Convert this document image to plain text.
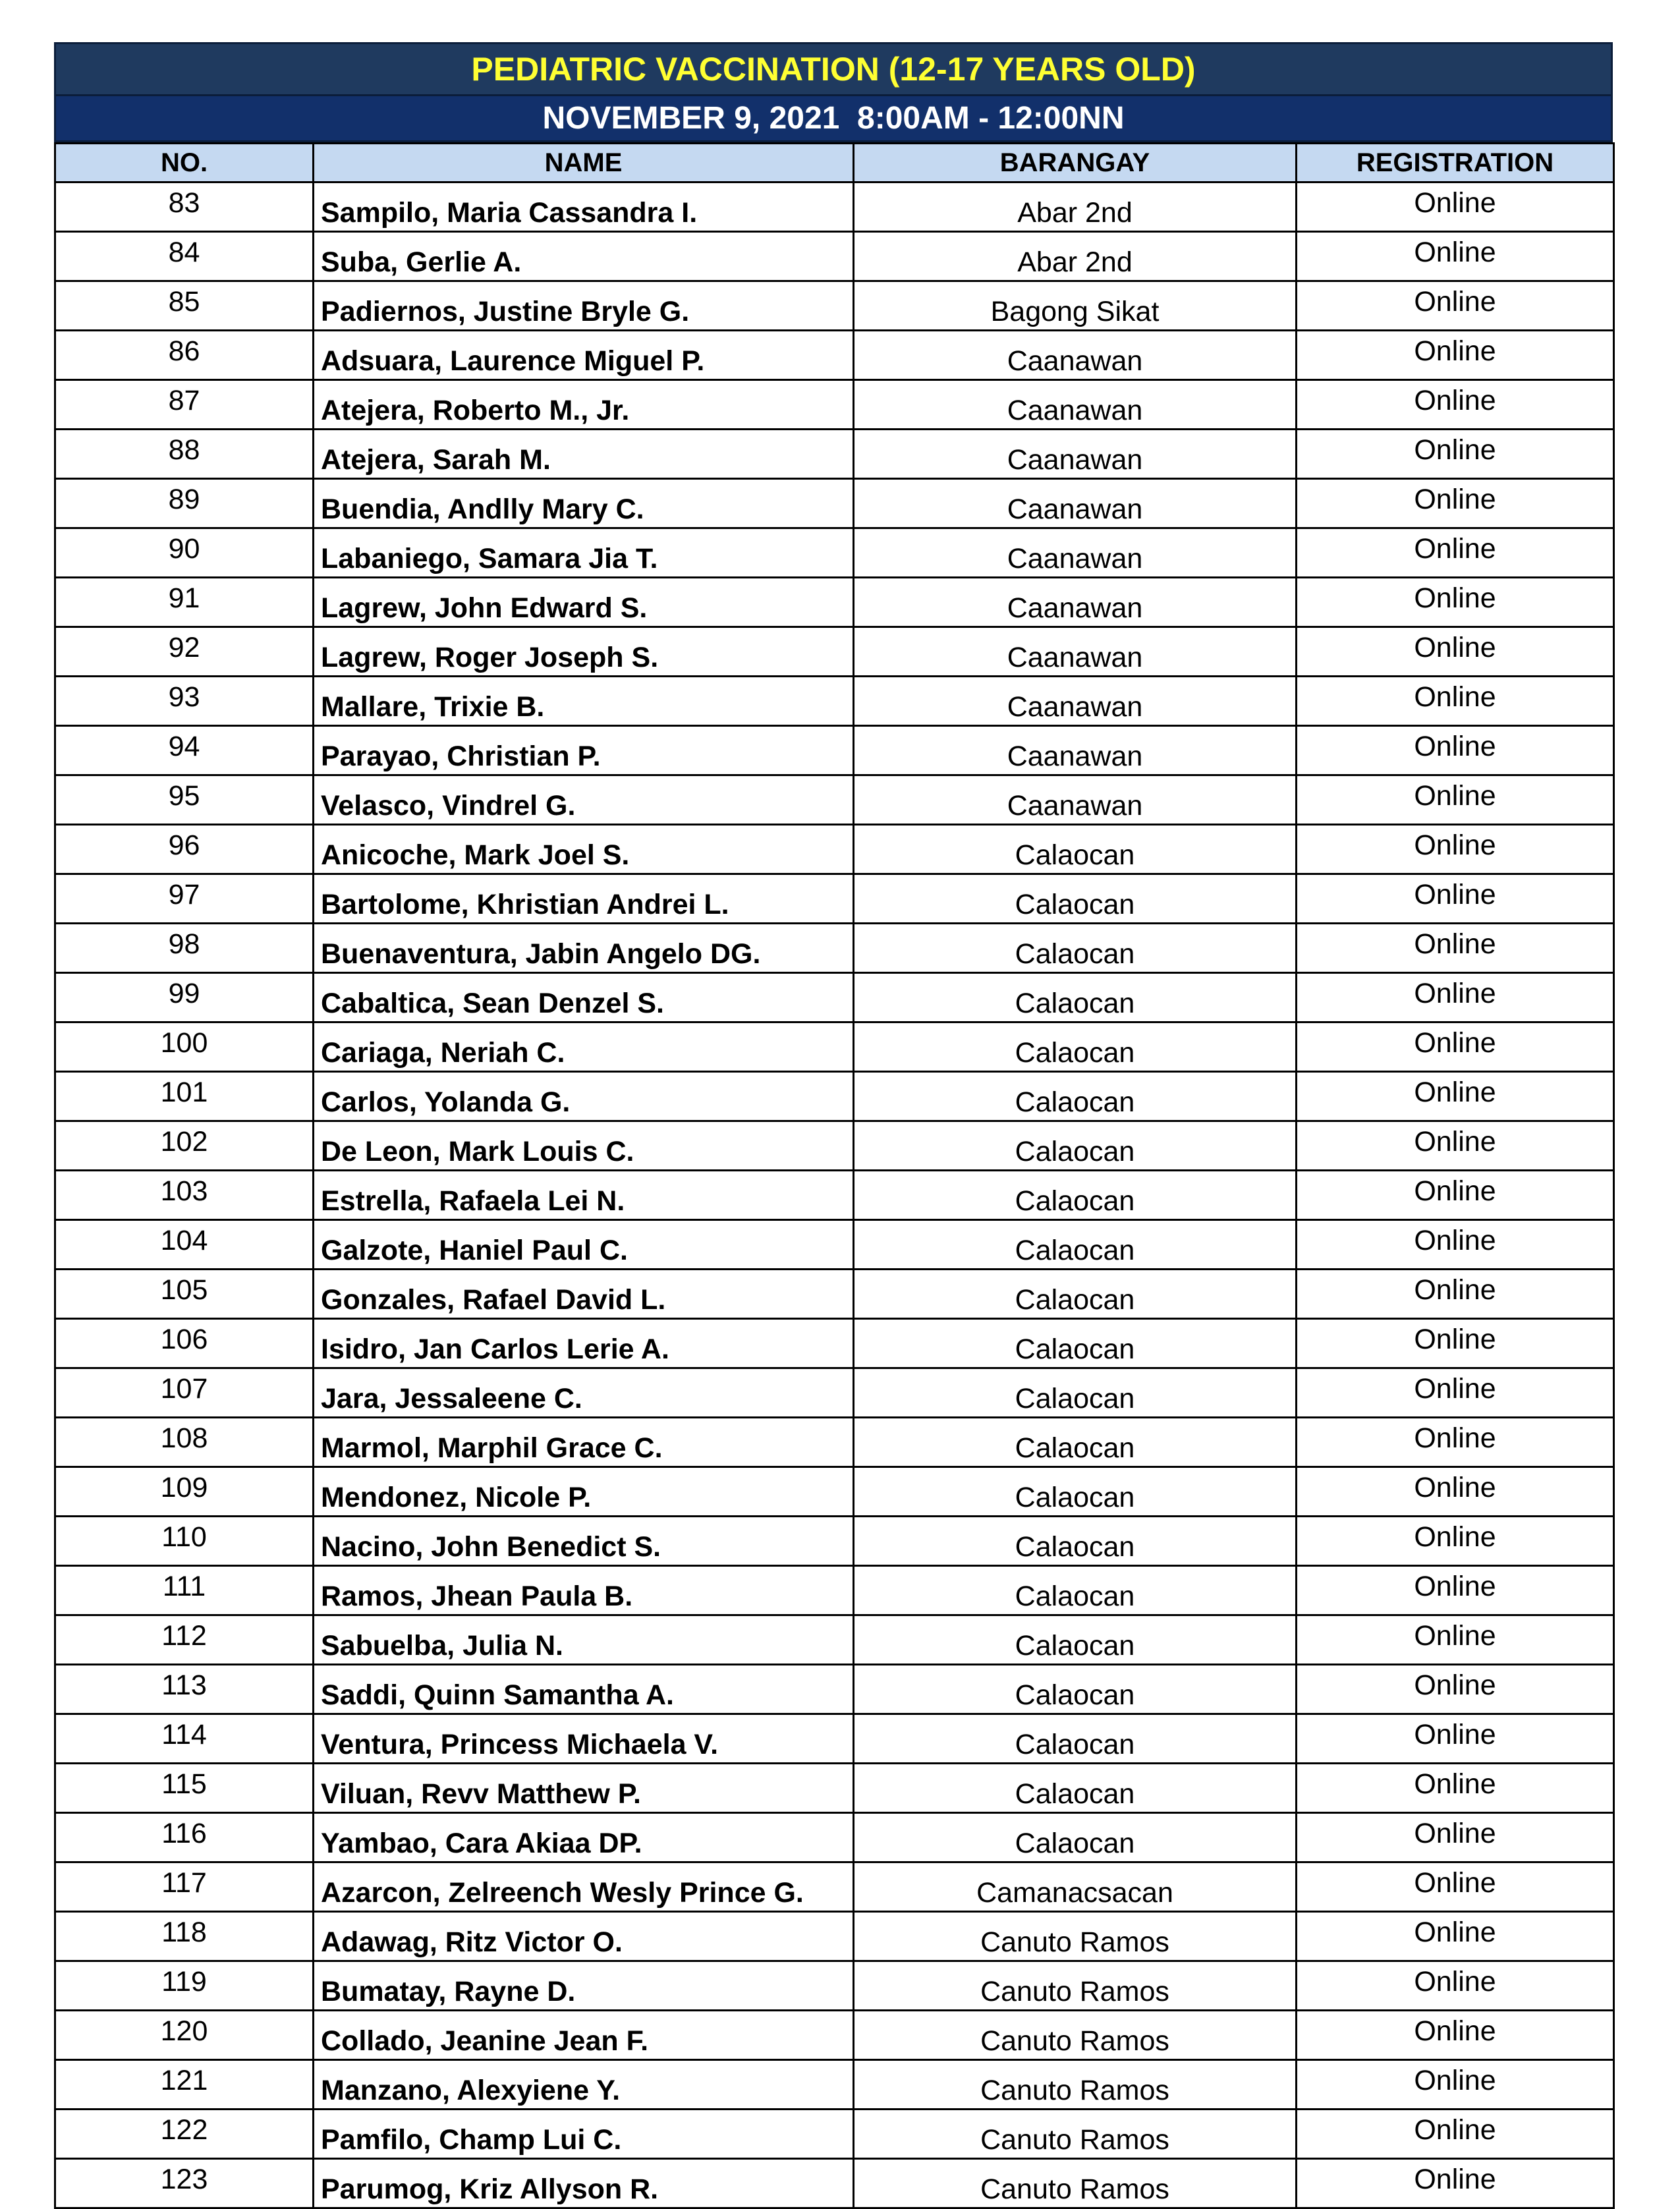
PEDIATRIC VACCINATION (12-17 YEARS OLD)
NOVEMBER 9, 2021  8:00AM - 12:00NN
NO.	NAME	BARANGAY	REGISTRATION
83	Sampilo, Maria Cassandra I.	Abar 2nd	Online
84	Suba, Gerlie A.	Abar 2nd	Online
85	Padiernos, Justine Bryle G.	Bagong Sikat	Online
86	Adsuara, Laurence Miguel P.	Caanawan	Online
87	Atejera, Roberto M., Jr.	Caanawan	Online
88	Atejera, Sarah M.	Caanawan	Online
89	Buendia, Andlly Mary C.	Caanawan	Online
90	Labaniego, Samara Jia T.	Caanawan	Online
91	Lagrew, John Edward S.	Caanawan	Online
92	Lagrew, Roger Joseph S.	Caanawan	Online
93	Mallare, Trixie B.	Caanawan	Online
94	Parayao, Christian P.	Caanawan	Online
95	Velasco, Vindrel G.	Caanawan	Online
96	Anicoche, Mark Joel S.	Calaocan	Online
97	Bartolome, Khristian Andrei L.	Calaocan	Online
98	Buenaventura, Jabin Angelo DG.	Calaocan	Online
99	Cabaltica, Sean Denzel S.	Calaocan	Online
100	Cariaga, Neriah C.	Calaocan	Online
101	Carlos, Yolanda G.	Calaocan	Online
102	De Leon, Mark Louis C.	Calaocan	Online
103	Estrella, Rafaela Lei N.	Calaocan	Online
104	Galzote, Haniel Paul C.	Calaocan	Online
105	Gonzales, Rafael David L.	Calaocan	Online
106	Isidro, Jan Carlos Lerie A.	Calaocan	Online
107	Jara, Jessaleene C.	Calaocan	Online
108	Marmol, Marphil Grace C.	Calaocan	Online
109	Mendonez, Nicole P.	Calaocan	Online
110	Nacino, John Benedict S.	Calaocan	Online
111	Ramos, Jhean Paula B.	Calaocan	Online
112	Sabuelba, Julia N.	Calaocan	Online
113	Saddi, Quinn Samantha A.	Calaocan	Online
114	Ventura, Princess Michaela V.	Calaocan	Online
115	Viluan, Revv Matthew P.	Calaocan	Online
116	Yambao, Cara Akiaa DP.	Calaocan	Online
117	Azarcon, Zelreench Wesly Prince G.	Camanacsacan	Online
118	Adawag, Ritz Victor O.	Canuto Ramos	Online
119	Bumatay, Rayne D.	Canuto Ramos	Online
120	Collado, Jeanine Jean F.	Canuto Ramos	Online
121	Manzano, Alexyiene Y.	Canuto Ramos	Online
122	Pamfilo, Champ Lui C.	Canuto Ramos	Online
123	Parumog, Kriz Allyson R.	Canuto Ramos	Online
